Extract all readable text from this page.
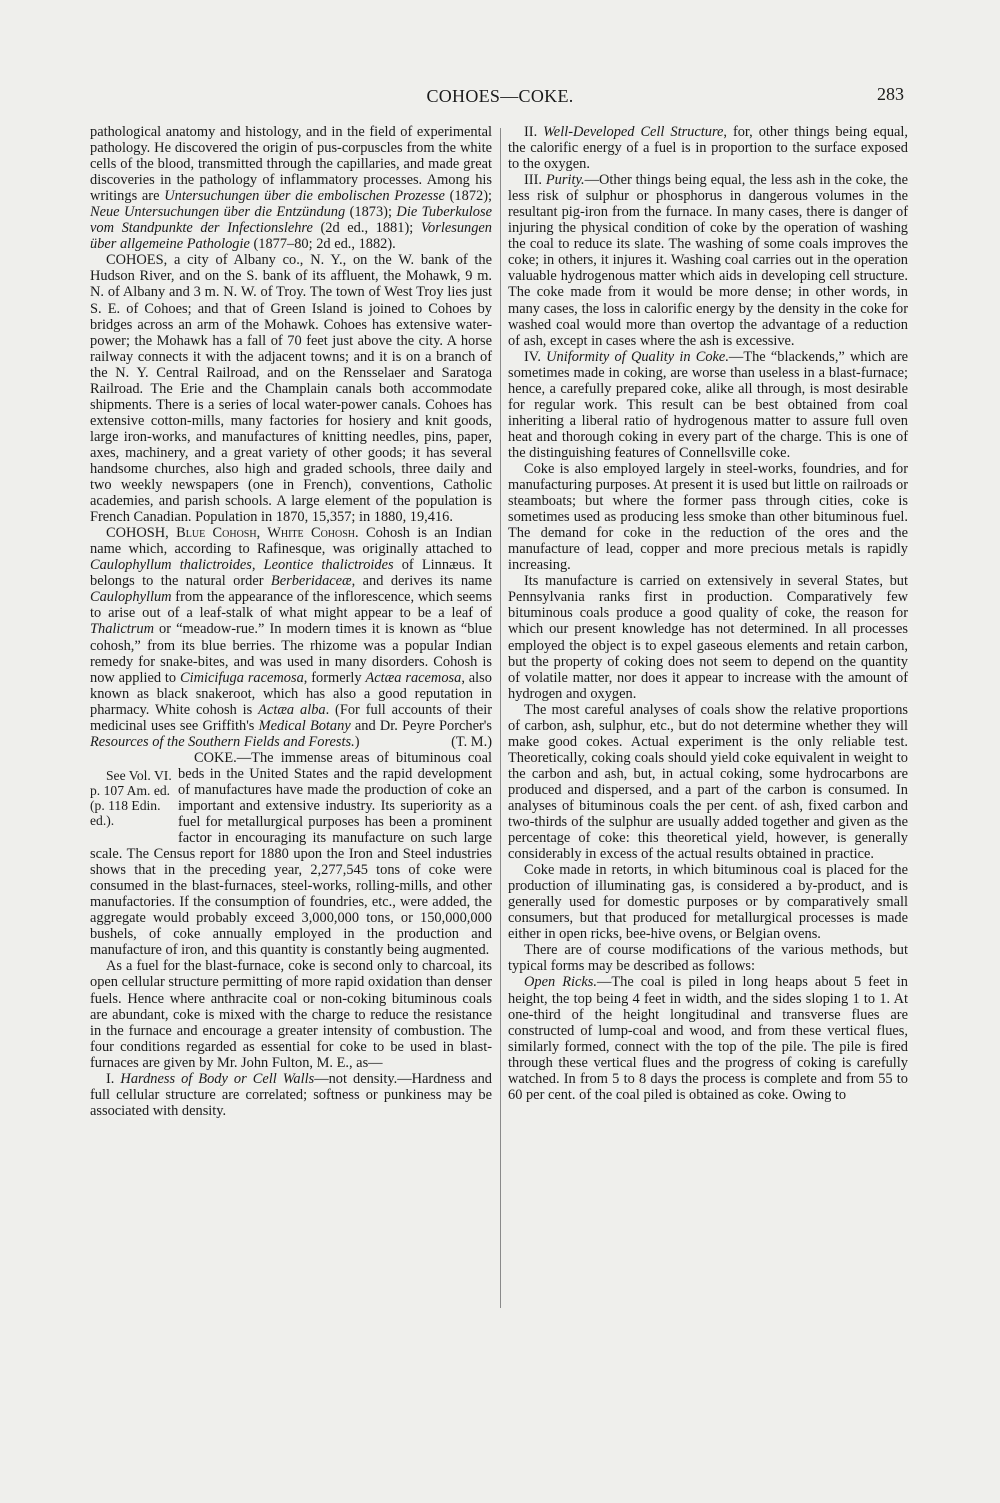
COHOES—COKE.	283

pathological anatomy and histology, and in the field of experimental pathology. He discovered the origin of pus-corpuscles from the white cells of the blood, transmitted through the capillaries, and made great discoveries in the pathology of inflammatory processes. Among his writings are Untersuchungen über die embolischen Prozesse (1872); Neue Untersuchungen über die Entzündung (1873); Die Tuberkulose vom Standpunkte der Infectionslehre (2d ed., 1881); Vorlesungen über allgemeine Pathologie (1877–80; 2d ed., 1882).

COHOES, a city of Albany co., N. Y., on the W. bank of the Hudson River, and on the S. bank of its affluent, the Mohawk, 9 m. N. of Albany and 3 m. N. W. of Troy. The town of West Troy lies just S. E. of Cohoes; and that of Green Island is joined to Cohoes by bridges across an arm of the Mohawk. Cohoes has extensive water-power; the Mohawk has a fall of 70 feet just above the city. A horse railway connects it with the adjacent towns; and it is on a branch of the N. Y. Central Railroad, and on the Rensselaer and Saratoga Railroad. The Erie and the Champlain canals both accommodate shipments. There is a series of local water-power canals. Cohoes has extensive cotton-mills, many factories for hosiery and knit goods, large iron-works, and manufactures of knitting needles, pins, paper, axes, machinery, and a great variety of other goods; it has several handsome churches, also high and graded schools, three daily and two weekly newspapers (one in French), conventions, Catholic academies, and parish schools. A large element of the population is French Canadian. Population in 1870, 15,357; in 1880, 19,416.

COHOSH, Blue Cohosh, White Cohosh. Cohosh is an Indian name which, according to Rafinesque, was originally attached to Caulophyllum thalictroides, Leontice thalictroides of Linnæus. It belongs to the natural order Berberidaceæ, and derives its name Caulophyllum from the appearance of the inflorescence, which seems to arise out of a leaf-stalk of what might appear to be a leaf of Thalictrum or “meadow-rue.” In modern times it is known as “blue cohosh,” from its blue berries. The rhizome was a popular Indian remedy for snake-bites, and was used in many disorders. Cohosh is now applied to Cimicifuga racemosa, formerly Actæa racemosa, also known as black snakeroot, which has also a good reputation in pharmacy. White cohosh is Actæa alba. (For full accounts of their medicinal uses see Griffith's Medical Botany and Dr. Peyre Porcher's Resources of the Southern Fields and Forests.)	(T. M.)

COKE.
See Vol. VI. p. 107 Am. ed. (p. 118 Edin. ed.).
—The immense areas of bituminous coal beds in the United States and the rapid development of manufactures have made the production of coke an important and extensive industry. Its superiority as a fuel for metallurgical purposes has been a prominent factor in encouraging its manufacture on such large scale. The Census report for 1880 upon the Iron and Steel industries shows that in the preceding year, 2,277,545 tons of coke were consumed in the blast-furnaces, steel-works, rolling-mills, and other manufactories. If the consumption of foundries, etc., were added, the aggregate would probably exceed 3,000,000 tons, or 150,000,000 bushels, of coke annually employed in the production and manufacture of iron, and this quantity is constantly being augmented.

As a fuel for the blast-furnace, coke is second only to charcoal, its open cellular structure permitting of more rapid oxidation than denser fuels. Hence where anthracite coal or non-coking bituminous coals are abundant, coke is mixed with the charge to reduce the resistance in the furnace and encourage a greater intensity of combustion. The four conditions regarded as essential for coke to be used in blast-furnaces are given by Mr. John Fulton, M. E., as—

I. Hardness of Body or Cell Walls—not density.—Hardness and full cellular structure are correlated; softness or punkiness may be associated with density.

II. Well-Developed Cell Structure, for, other things being equal, the calorific energy of a fuel is in proportion to the surface exposed to the oxygen.

III. Purity.—Other things being equal, the less ash in the coke, the less risk of sulphur or phosphorus in dangerous volumes in the resultant pig-iron from the furnace. In many cases, there is danger of injuring the physical condition of coke by the operation of washing the coal to reduce its slate. The washing of some coals improves the coke; in others, it injures it. Washing coal carries out in the operation valuable hydrogenous matter which aids in developing cell structure. The coke made from it would be more dense; in other words, in many cases, the loss in calorific energy by the density in the coke for washed coal would more than overtop the advantage of a reduction of ash, except in cases where the ash is excessive.

IV. Uniformity of Quality in Coke.—The “blackends,” which are sometimes made in coking, are worse than useless in a blast-furnace; hence, a carefully prepared coke, alike all through, is most desirable for regular work. This result can be best obtained from coal inheriting a liberal ratio of hydrogenous matter to assure full oven heat and thorough coking in every part of the charge. This is one of the distinguishing features of Connellsville coke.

Coke is also employed largely in steel-works, foundries, and for manufacturing purposes. At present it is used but little on railroads or steamboats; but where the former pass through cities, coke is sometimes used as producing less smoke than other bituminous fuel. The demand for coke in the reduction of the ores and the manufacture of lead, copper and more precious metals is rapidly increasing.

Its manufacture is carried on extensively in several States, but Pennsylvania ranks first in production. Comparatively few bituminous coals produce a good quality of coke, the reason for which our present knowledge has not determined. In all processes employed the object is to expel gaseous elements and retain carbon, but the property of coking does not seem to depend on the quantity of volatile matter, nor does it appear to increase with the amount of hydrogen and oxygen.

The most careful analyses of coals show the relative proportions of carbon, ash, sulphur, etc., but do not determine whether they will make good cokes. Actual experiment is the only reliable test. Theoretically, coking coals should yield coke equivalent in weight to the carbon and ash, but, in actual coking, some hydrocarbons are produced and dispersed, and a part of the carbon is consumed. In analyses of bituminous coals the per cent. of ash, fixed carbon and two-thirds of the sulphur are usually added together and given as the percentage of coke: this theoretical yield, however, is generally considerably in excess of the actual results obtained in practice.

Coke made in retorts, in which bituminous coal is placed for the production of illuminating gas, is considered a by-product, and is generally used for domestic purposes or by comparatively small consumers, but that produced for metallurgical processes is made either in open ricks, bee-hive ovens, or Belgian ovens.

There are of course modifications of the various methods, but typical forms may be described as follows:

Open Ricks.—The coal is piled in long heaps about 5 feet in height, the top being 4 feet in width, and the sides sloping 1 to 1. At one-third of the height longitudinal and transverse flues are constructed of lump-coal and wood, and from these vertical flues, similarly formed, connect with the top of the pile. The pile is fired through these vertical flues and the progress of coking is carefully watched. In from 5 to 8 days the process is complete and from 55 to 60 per cent. of the coal piled is obtained as coke. Owing to
